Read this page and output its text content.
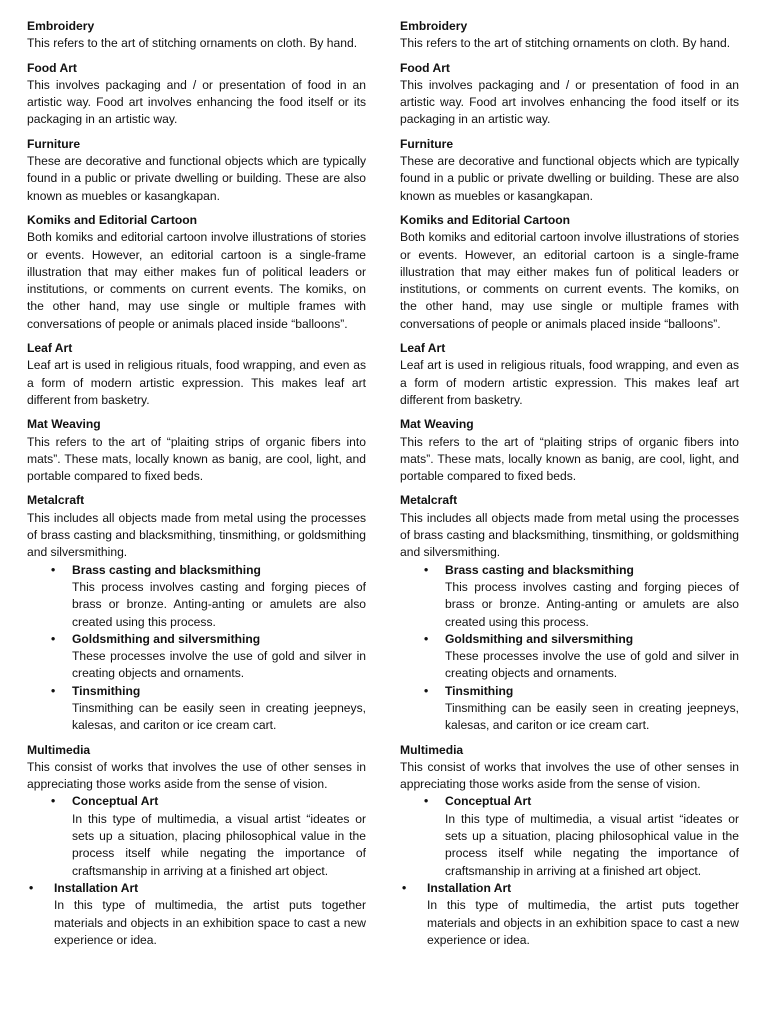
Embroidery
This refers to the art of stitching ornaments on cloth. By hand.
Food Art
This involves packaging and / or presentation of food in an artistic way. Food art involves enhancing the food itself or its packaging in an artistic way.
Furniture
These are decorative and functional objects which are typically found in a public or private dwelling or building. These are also known as muebles or kasangkapan.
Komiks and Editorial Cartoon
Both komiks and editorial cartoon involve illustrations of stories or events. However, an editorial cartoon is a single-frame illustration that may either makes fun of political leaders or institutions, or comments on current events. The komiks, on the other hand, may use single or multiple frames with conversations of people or animals placed inside “balloons”.
Leaf Art
Leaf art is used in religious rituals, food wrapping, and even as a form of modern artistic expression. This makes leaf art different from basketry.
Mat Weaving
This refers to the art of “plaiting strips of organic fibers into mats”. These mats, locally known as banig, are cool, light, and portable compared to fixed beds.
Metalcraft
This includes all objects made from metal using the processes of brass casting and blacksmithing, tinsmithing, or goldsmithing and silversmithing.
• Brass casting and blacksmithing
This process involves casting and forging pieces of brass or bronze. Anting-anting or amulets are also created using this process.
• Goldsmithing and silversmithing
These processes involve the use of gold and silver in creating objects and ornaments.
• Tinsmithing
Tinsmithing can be easily seen in creating jeepneys, kalesas, and cariton or ice cream cart.
Multimedia
This consist of works that involves the use of other senses in appreciating those works aside from the sense of vision.
• Conceptual Art
In this type of multimedia, a visual artist “ideates or sets up a situation, placing philosophical value in the process itself while negating the importance of craftsmanship in arriving at a finished art object.
• Installation Art
In this type of multimedia, the artist puts together materials and objects in an exhibition space to cast a new experience or idea.
Embroidery
This refers to the art of stitching ornaments on cloth. By hand.
Food Art
This involves packaging and / or presentation of food in an artistic way. Food art involves enhancing the food itself or its packaging in an artistic way.
Furniture
These are decorative and functional objects which are typically found in a public or private dwelling or building. These are also known as muebles or kasangkapan.
Komiks and Editorial Cartoon
Both komiks and editorial cartoon involve illustrations of stories or events. However, an editorial cartoon is a single-frame illustration that may either makes fun of political leaders or institutions, or comments on current events. The komiks, on the other hand, may use single or multiple frames with conversations of people or animals placed inside “balloons”.
Leaf Art
Leaf art is used in religious rituals, food wrapping, and even as a form of modern artistic expression. This makes leaf art different from basketry.
Mat Weaving
This refers to the art of “plaiting strips of organic fibers into mats”. These mats, locally known as banig, are cool, light, and portable compared to fixed beds.
Metalcraft
This includes all objects made from metal using the processes of brass casting and blacksmithing, tinsmithing, or goldsmithing and silversmithing.
• Brass casting and blacksmithing
This process involves casting and forging pieces of brass or bronze. Anting-anting or amulets are also created using this process.
• Goldsmithing and silversmithing
These processes involve the use of gold and silver in creating objects and ornaments.
• Tinsmithing
Tinsmithing can be easily seen in creating jeepneys, kalesas, and cariton or ice cream cart.
Multimedia
This consist of works that involves the use of other senses in appreciating those works aside from the sense of vision.
• Conceptual Art
In this type of multimedia, a visual artist “ideates or sets up a situation, placing philosophical value in the process itself while negating the importance of craftsmanship in arriving at a finished art object.
• Installation Art
In this type of multimedia, the artist puts together materials and objects in an exhibition space to cast a new experience or idea.
